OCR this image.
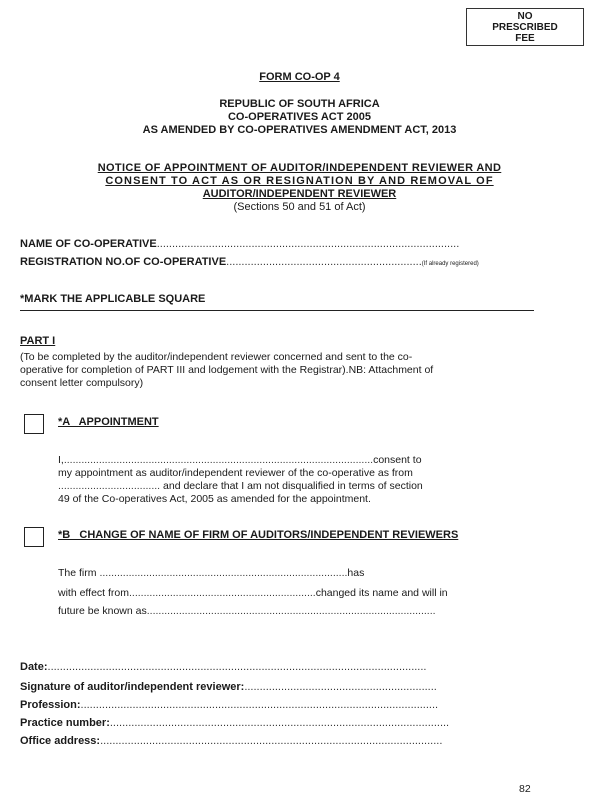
NO
PRESCRIBED
FEE
FORM CO-OP 4
REPUBLIC OF SOUTH AFRICA
CO-OPERATIVES ACT 2005
AS AMENDED BY CO-OPERATIVES AMENDMENT ACT, 2013
NOTICE OF APPOINTMENT OF AUDITOR/INDEPENDENT REVIEWER AND
CONSENT TO ACT AS OR RESIGNATION BY AND REMOVAL OF
AUDITOR/INDEPENDENT REVIEWER
(Sections 50 and 51 of Act)
NAME OF CO-OPERATIVE...................................................................................................
REGISTRATION NO.OF CO-OPERATIVE................................................................(If already registered)
*MARK THE APPLICABLE SQUARE
PART I
(To be completed by the auditor/independent reviewer concerned and sent to the co-
operative for completion of PART III and lodgement with the Registrar).NB: Attachment of
consent letter compulsory)
*A   APPOINTMENT
I,..........................................................................................................consent to
my appointment as auditor/independent reviewer of the co-operative as from
................................... and declare that I am not disqualified in terms of section
49 of the Co-operatives Act, 2005 as amended for the appointment.
*B   CHANGE OF NAME OF FIRM OF AUDITORS/INDEPENDENT REVIEWERS
The firm .....................................................................................has
with effect from................................................................changed its name and will in
future be known as...................................................................................................
Date:............................................................................................................................
Signature of auditor/independent reviewer:...............................................................
Profession:.....................................................................................................................
Practice number:...............................................................................................................
Office address:................................................................................................................
82
